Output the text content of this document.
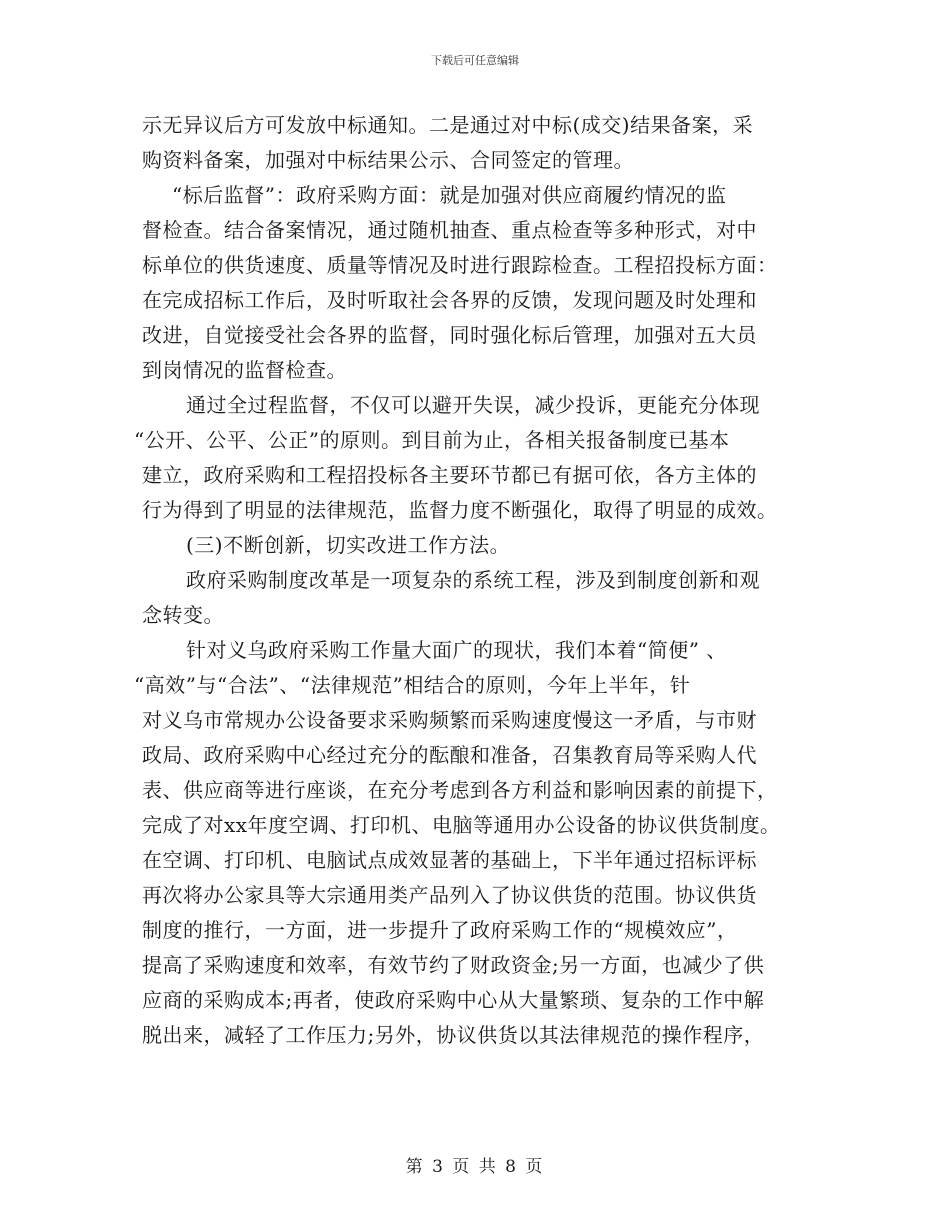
下载后可任意编辑
示无异议后方可发放中标通知。二是通过对中标(成交)结果备案，采
购资料备案，加强对中标结果公示、合同签定的管理。
“标后监督”：政府采购方面：就是加强对供应商履约情况的监
督检查。结合备案情况，通过随机抽查、重点检查等多种形式，对中
标单位的供货速度、质量等情况及时进行跟踪检查。工程招投标方面：
在完成招标工作后，及时听取社会各界的反馈，发现问题及时处理和
改进，自觉接受社会各界的监督，同时强化标后管理，加强对五大员
到岗情况的监督检查。
通过全过程监督，不仅可以避开失误，减少投诉，更能充分体现
“公开、公平、公正”的原则。到目前为止，各相关报备制度已基本
建立，政府采购和工程招投标各主要环节都已有据可依，各方主体的
行为得到了明显的法律规范，监督力度不断强化，取得了明显的成效。
(三)不断创新，切实改进工作方法。
政府采购制度改革是一项复杂的系统工程，涉及到制度创新和观
念转变。
针对义乌政府采购工作量大面广的现状，我们本着“简便” 、
“高效”与“合法”、“法律规范”相结合的原则，今年上半年，针
对义乌市常规办公设备要求采购频繁而采购速度慢这一矛盾，与市财
政局、政府采购中心经过充分的酝酿和准备，召集教育局等采购人代
表、供应商等进行座谈，在充分考虑到各方利益和影响因素的前提下，
完成了对xx年度空调、打印机、电脑等通用办公设备的协议供货制度。
在空调、打印机、电脑试点成效显著的基础上，下半年通过招标评标
再次将办公家具等大宗通用类产品列入了协议供货的范围。协议供货
制度的推行，一方面，进一步提升了政府采购工作的“规模效应”，
提高了采购速度和效率，有效节约了财政资金;另一方面，也减少了供
应商的采购成本;再者，使政府采购中心从大量繁琐、复杂的工作中解
脱出来，减轻了工作压力;另外，协议供货以其法律规范的操作程序，
第 3 页 共 8 页
